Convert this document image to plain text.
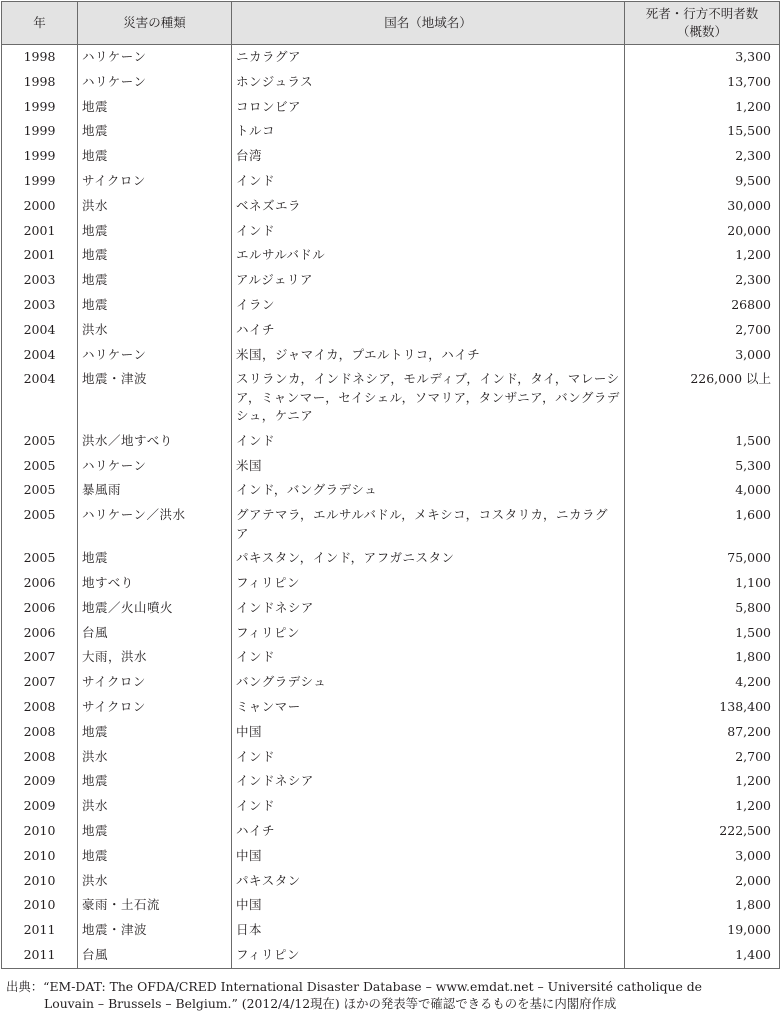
年	災害の種類	国名（地域名）	死者・行方不明者数
（概数）
1998	ハリケーン	ニカラグア	3,300
1998	ハリケーン	ホンジュラス	13,700
1999	地震	コロンビア	1,200
1999	地震	トルコ	15,500
1999	地震	台湾	2,300
1999	サイクロン	インド	9,500
2000	洪水	ベネズエラ	30,000
2001	地震	インド	20,000
2001	地震	エルサルバドル	1,200
2003	地震	アルジェリア	2,300
2003	地震	イラン	26800
2004	洪水	ハイチ	2,700
2004	ハリケーン	米国，ジャマイカ，プエルトリコ，ハイチ	3,000
2004	地震・津波	スリランカ，インドネシア，モルディブ，インド，タイ，マレーシア，ミャンマー，セイシェル，ソマリア，タンザニア，バングラデシュ，ケニア	226,000 以上
2005	洪水／地すべり	インド	1,500
2005	ハリケーン	米国	5,300
2005	暴風雨	インド，バングラデシュ	4,000
2005	ハリケーン／洪水	グアテマラ，エルサルバドル，メキシコ，コスタリカ，ニカラグア	1,600
2005	地震	パキスタン，インド，アフガニスタン	75,000
2006	地すべり	フィリピン	1,100
2006	地震／火山噴火	インドネシア	5,800
2006	台風	フィリピン	1,500
2007	大雨，洪水	インド	1,800
2007	サイクロン	バングラデシュ	4,200
2008	サイクロン	ミャンマー	138,400
2008	地震	中国	87,200
2008	洪水	インド	2,700
2009	地震	インドネシア	1,200
2009	洪水	インド	1,200
2010	地震	ハイチ	222,500
2010	地震	中国	3,000
2010	洪水	パキスタン	2,000
2010	豪雨・土石流	中国	1,800
2011	地震・津波	日本	19,000
2011	台風	フィリピン	1,400
出典：“EM-DAT: The OFDA/CRED International Disaster Database – www.emdat.net – Université catholique de
Louvain – Brussels – Belgium.” (2012/4/12現在) ほかの発表等で確認できるものを基に内閣府作成
